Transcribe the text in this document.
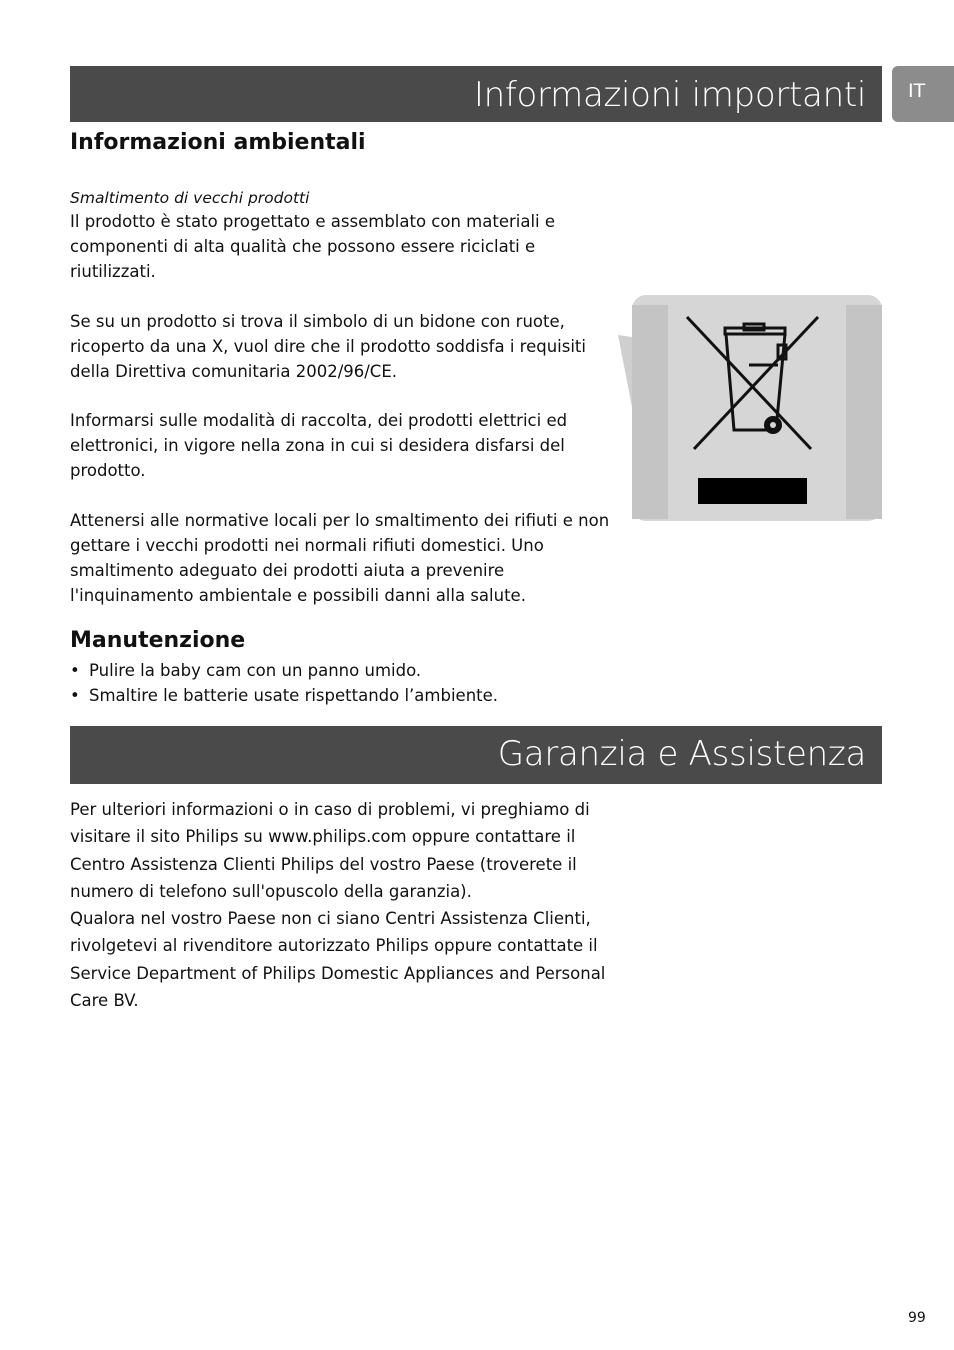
Informazioni importanti	IT
Informazioni ambientali

Smaltimento di vecchi prodotti

Il prodotto è stato progettato e assemblato con materiali e componenti di alta qualità che possono essere riciclati e riutilizzati.

Se su un prodotto si trova il simbolo di un bidone con ruote, ricoperto da una X, vuol dire che il prodotto soddisfa i requisiti della Direttiva comunitaria 2002/96/CE.

Informarsi sulle modalità di raccolta, dei prodotti elettrici ed elettronici, in vigore nella zona in cui si desidera disfarsi del prodotto.

Attenersi alle normative locali per lo smaltimento dei rifiuti e non gettare i vecchi prodotti nei normali rifiuti domestici. Uno smaltimento adeguato dei prodotti aiuta a prevenire l'inquinamento ambientale e possibili danni alla salute.

Manutenzione
• Pulire la baby cam con un panno umido.
• Smaltire le batterie usate rispettando l’ambiente.
Garanzia e Assistenza
Per ulteriori informazioni o in caso di problemi, vi preghiamo di
visitare il sito Philips su www.philips.com oppure contattare il
Centro Assistenza Clienti Philips del vostro Paese (troverete il
numero di telefono sull'opuscolo della garanzia).
Qualora nel vostro Paese non ci siano Centri Assistenza Clienti,
rivolgetevi al rivenditore autorizzato Philips oppure contattate il
Service Department of Philips Domestic Appliances and Personal
Care BV.
99
